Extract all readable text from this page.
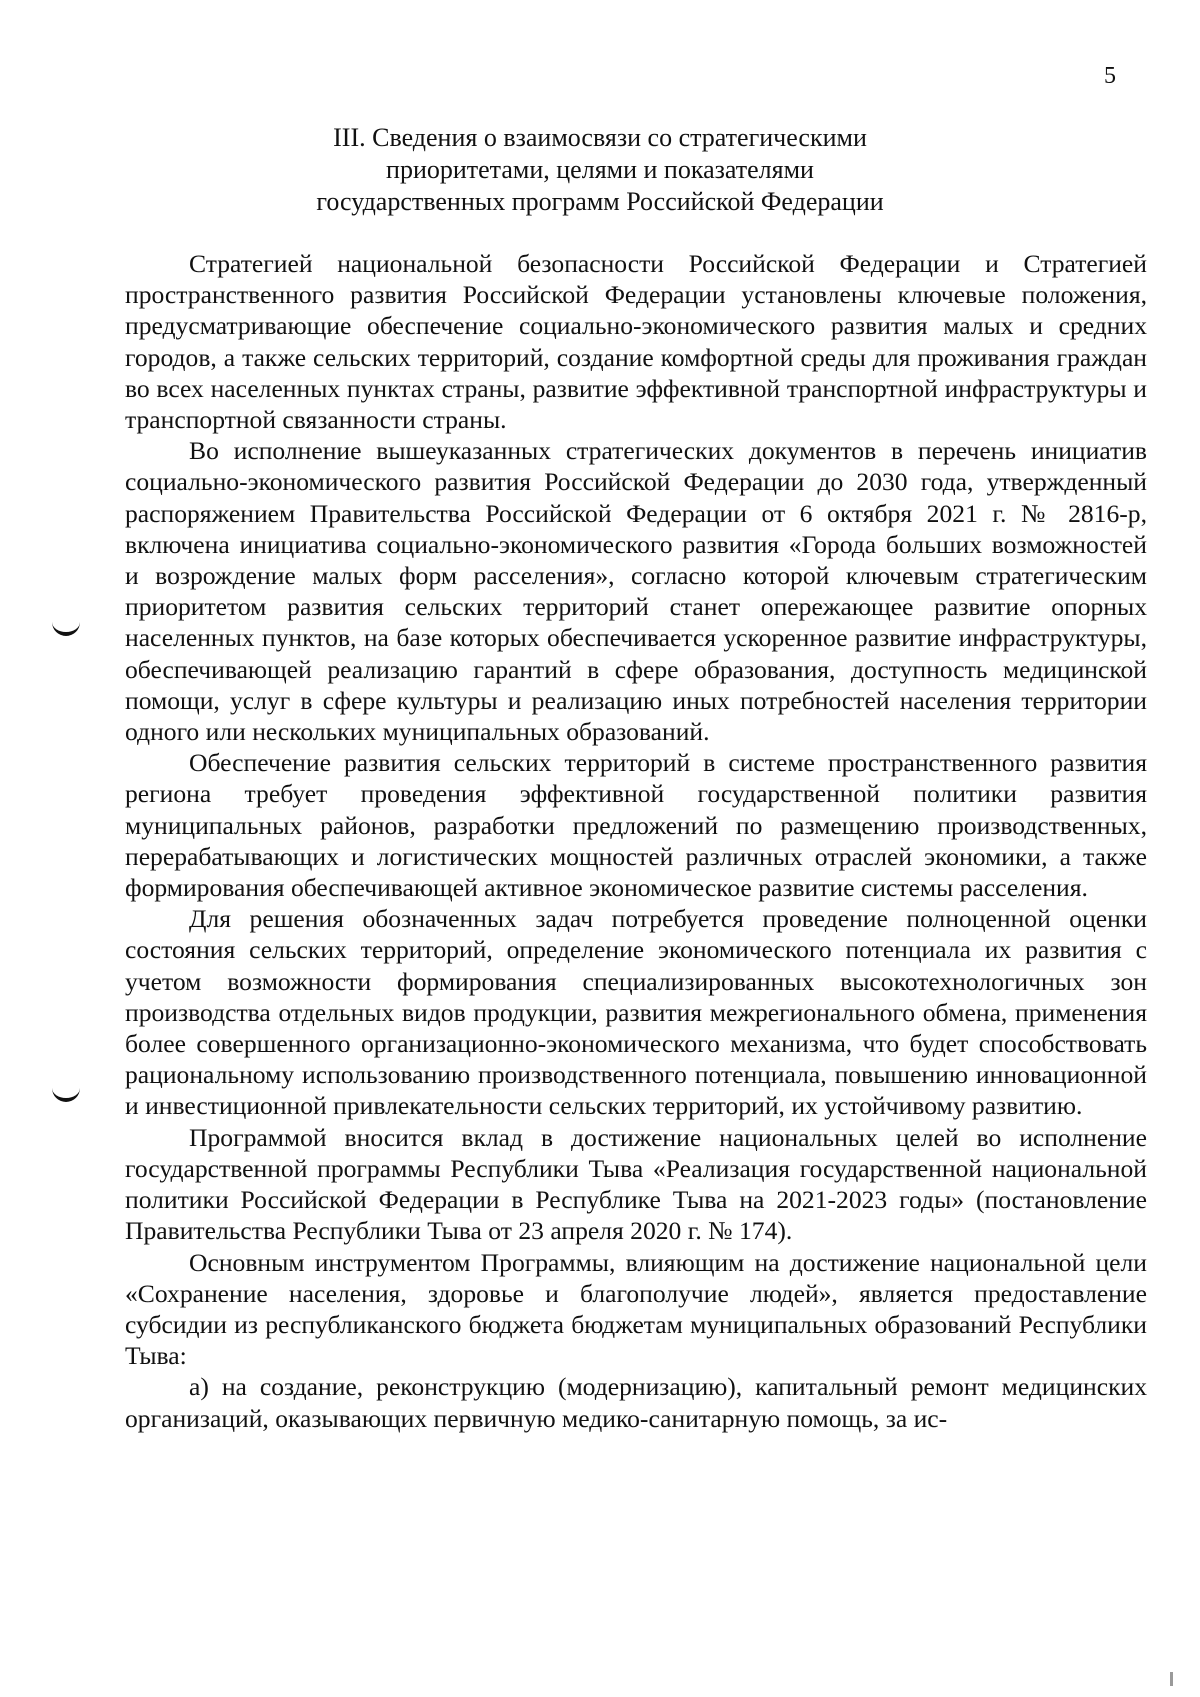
5
III. Сведения о взаимосвязи со стратегическими
приоритетами, целями и показателями
государственных программ Российской Федерации

Стратегией национальной безопасности Российской Федерации и Стратегией пространственного развития Российской Федерации установлены ключевые положения, предусматривающие обеспечение социально-экономического развития малых и средних городов, а также сельских территорий, создание комфортной среды для проживания граждан во всех населенных пунктах страны, развитие эффективной транспортной инфраструктуры и транспортной связанности страны.

Во исполнение вышеуказанных стратегических документов в перечень инициатив социально-экономического развития Российской Федерации до 2030 года, утвержденный распоряжением Правительства Российской Федерации от 6 октября 2021 г. № 2816-р, включена инициатива социально-экономического развития «Города больших возможностей и возрождение малых форм расселения», согласно которой ключевым стратегическим приоритетом развития сельских территорий станет опережающее развитие опорных населенных пунктов, на базе которых обеспечивается ускоренное развитие инфраструктуры, обеспечивающей реализацию гарантий в сфере образования, доступность медицинской помощи, услуг в сфере культуры и реализацию иных потребностей населения территории одного или нескольких муниципальных образований.

Обеспечение развития сельских территорий в системе пространственного развития региона требует проведения эффективной государственной политики развития муниципальных районов, разработки предложений по размещению производственных, перерабатывающих и логистических мощностей различных отраслей экономики, а также формирования обеспечивающей активное экономическое развитие системы расселения.

Для решения обозначенных задач потребуется проведение полноценной оценки состояния сельских территорий, определение экономического потенциала их развития с учетом возможности формирования специализированных высокотехнологичных зон производства отдельных видов продукции, развития межрегионального обмена, применения более совершенного организационно-экономического механизма, что будет способствовать рациональному использованию производственного потенциала, повышению инновационной и инвестиционной привлекательности сельских территорий, их устойчивому развитию.

Программой вносится вклад в достижение национальных целей во исполнение государственной программы Республики Тыва «Реализация государственной национальной политики Российской Федерации в Республике Тыва на 2021-2023 годы» (постановление Правительства Республики Тыва от 23 апреля 2020 г. № 174).

Основным инструментом Программы, влияющим на достижение национальной цели «Сохранение населения, здоровье и благополучие людей», является предоставление субсидии из республиканского бюджета бюджетам муниципальных образований Республики Тыва:

а) на создание, реконструкцию (модернизацию), капитальный ремонт медицинских организаций, оказывающих первичную медико-санитарную помощь, за ис-
